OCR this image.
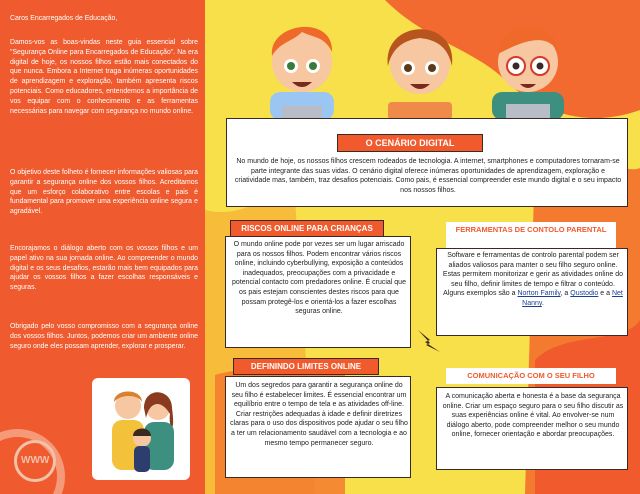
Caros Encarregados de Educação,
Damos-vos as boas-vindas neste guia essencial sobre "Segurança Online para Encarregados de Educação". Na era digital de hoje, os nossos filhos estão mais conectados do que nunca. Embora a Internet traga inúmeras oportunidades de aprendizagem e exploração, também apresenta riscos potenciais. Como educadores, entendemos a importância de vos equipar com o conhecimento e as ferramentas necessárias para navegar com segurança no mundo online.
O objetivo deste folheto é fornecer informações valiosas para garantir a segurança online dos vossos filhos. Acreditamos que um esforço colaborativo entre escolas e pais é fundamental para promover uma experiência online segura e agradável.
Encorajamos o diálogo aberto com os vossos filhos e um papel ativo na sua jornada online. Ao compreender o mundo digital e os seus desafios, estarão mais bem equipados para ajudar os vossos filhos a fazer escolhas responsáveis e seguras.
Obrigado pelo vosso compromisso com a segurança online dos vossos filhos. Juntos, podemos criar um ambiente online seguro onde eles possam aprender, explorar e prosperar.
WWW
No mundo de hoje, os nossos filhos crescem rodeados de tecnologia. A internet, smartphones e computadores tornaram-se parte integrante das suas vidas. O cenário digital oferece inúmeras oportunidades de aprendizagem, exploração e criatividade mas, também, traz desafios potenciais. Como pais, é essencial compreender este mundo digital e o seu impacto nos nossos filhos.
O CENÁRIO DIGITAL
O mundo online pode por vezes ser um lugar arriscado para os nossos filhos. Podem encontrar vários riscos online, incluindo cyberbullying, exposição a conteúdos inadequados, preocupações com a privacidade e potencial contacto com predadores online. É crucial que os pais estejam conscientes destes riscos para que possam protegê-los e orientá-los a fazer escolhas seguras online.
RISCOS ONLINE PARA CRIANÇAS
Software e ferramentas de controlo parental podem ser aliados valiosos para manter o seu filho seguro online. Estas permitem monitorizar e gerir as atividades online do seu filho, definir limites de tempo e filtrar o conteúdo. Alguns exemplos são a Norton Family, a Qustodio e a Net Nanny.
FERRAMENTAS DE CONTOLO PARENTAL
Um dos segredos para garantir a segurança online do seu filho é estabelecer limites. É essencial encontrar um equilíbrio entre o tempo de tela e as atividades off-line. Criar restrições adequadas à idade e definir diretrizes claras para o uso dos dispositivos pode ajudar o seu filho a ter um relacionamento saudável com a tecnologia e ao mesmo tempo permanecer seguro.
DEFININDO LIMITES ONLINE
A comunicação aberta e honesta é a base da segurança online. Criar um espaço seguro para o seu filho discutir as suas experiências online é vital. Ao envolver-se num diálogo aberto, pode compreender melhor o seu mundo online, fornecer orientação e abordar preocupações.
COMUNICAÇÃO COM O SEU FILHO
